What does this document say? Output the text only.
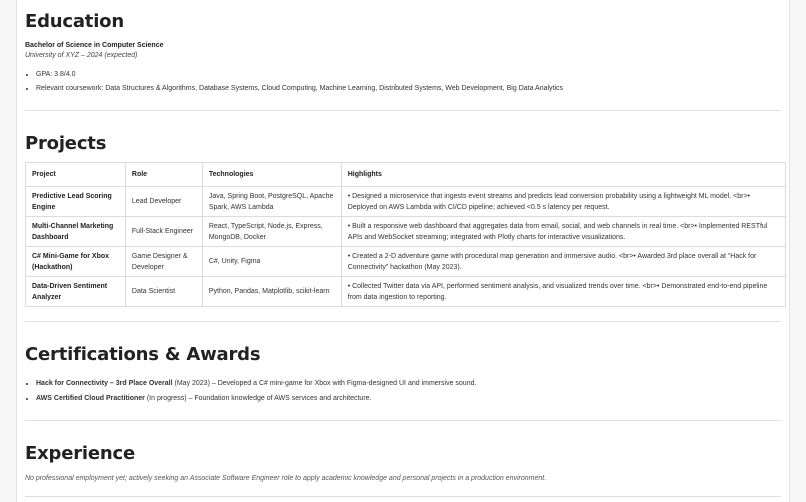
Education
Bachelor of Science in Computer Science
University of XYZ – 2024 (expected)
• GPA: 3.8/4.0
• Relevant coursework: Data Structures & Algorithms, Database Systems, Cloud Computing, Machine Learning, Distributed Systems, Web Development, Big Data Analytics
Projects
Project	Role	Technologies	Highlights
Predictive Lead Scoring Engine	Lead Developer	Java, Spring Boot, PostgreSQL, Apache Spark, AWS Lambda	• Designed a microservice that ingests event streams and predicts lead conversion probability using a lightweight ML model. <br>• Deployed on AWS Lambda with CI/CD pipeline; achieved <0.5 s latency per request.
Multi-Channel Marketing Dashboard	Full-Stack Engineer	React, TypeScript, Node.js, Express, MongoDB, Docker	• Built a responsive web dashboard that aggregates data from email, social, and web channels in real time. <br>• Implemented RESTful APIs and WebSocket streaming; integrated with Plotly charts for interactive visualizations.
C# Mini-Game for Xbox (Hackathon)	Game Designer & Developer	C#, Unity, Figma	• Created a 2-D adventure game with procedural map generation and immersive audio. <br>• Awarded 3rd place overall at “Hack for Connectivity” hackathon (May 2023).
Data-Driven Sentiment Analyzer	Data Scientist	Python, Pandas, Matplotlib, scikit-learn	• Collected Twitter data via API, performed sentiment analysis, and visualized trends over time. <br>• Demonstrated end-to-end pipeline from data ingestion to reporting.
Certifications & Awards
• Hack for Connectivity – 3rd Place Overall (May 2023) – Developed a C# mini-game for Xbox with Figma-designed UI and immersive sound.
• AWS Certified Cloud Practitioner (In progress) – Foundation knowledge of AWS services and architecture.
Experience
No professional employment yet; actively seeking an Associate Software Engineer role to apply academic knowledge and personal projects in a production environment.
